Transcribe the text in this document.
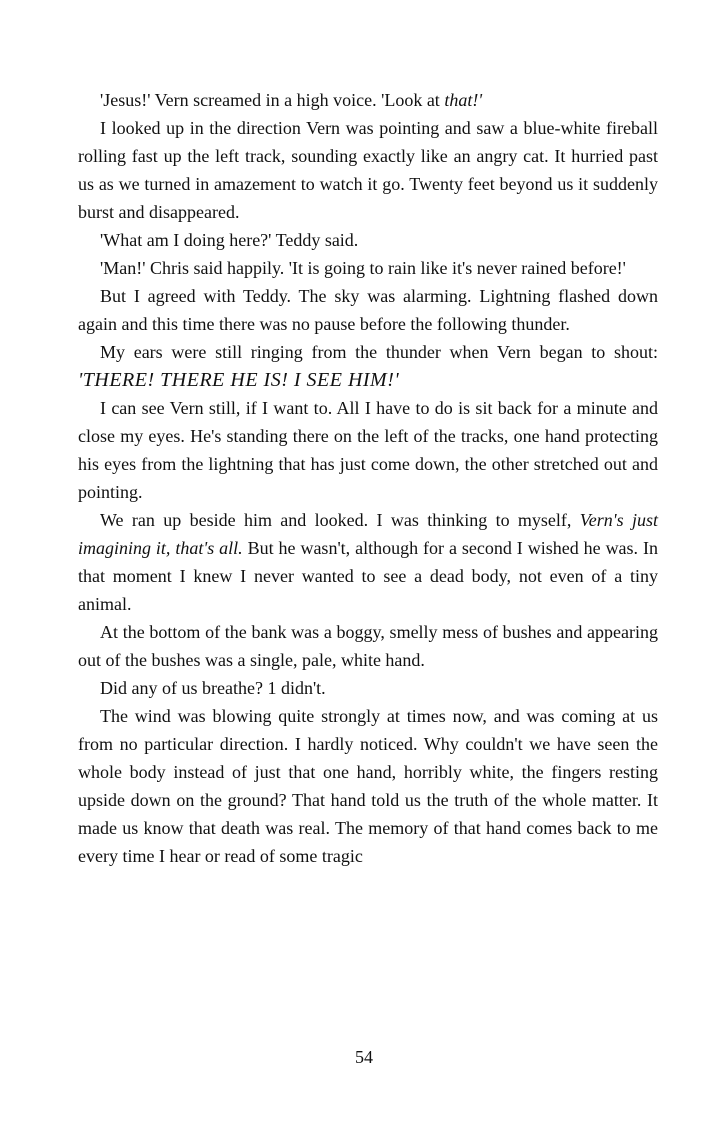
'Jesus!' Vern screamed in a high voice. 'Look at that!'

I looked up in the direction Vern was pointing and saw a blue-white fireball rolling fast up the left track, sounding exactly like an angry cat. It hurried past us as we turned in amazement to watch it go. Twenty feet beyond us it suddenly burst and disappeared.

'What am I doing here?' Teddy said.

'Man!' Chris said happily. 'It is going to rain like it's never rained before!'

But I agreed with Teddy. The sky was alarming. Lightning flashed down again and this time there was no pause before the following thunder.

My ears were still ringing from the thunder when Vern began to shout: 'THERE! THERE HE IS! I SEE HIM!'

I can see Vern still, if I want to. All I have to do is sit back for a minute and close my eyes. He's standing there on the left of the tracks, one hand protecting his eyes from the lightning that has just come down, the other stretched out and pointing.

We ran up beside him and looked. I was thinking to myself, Vern's just imagining it, that's all. But he wasn't, although for a second I wished he was. In that moment I knew I never wanted to see a dead body, not even of a tiny animal.

At the bottom of the bank was a boggy, smelly mess of bushes and appearing out of the bushes was a single, pale, white hand.

Did any of us breathe? 1 didn't.

The wind was blowing quite strongly at times now, and was coming at us from no particular direction. I hardly noticed. Why couldn't we have seen the whole body instead of just that one hand, horribly white, the fingers resting upside down on the ground? That hand told us the truth of the whole matter. It made us know that death was real. The memory of that hand comes back to me every time I hear or read of some tragic

54
